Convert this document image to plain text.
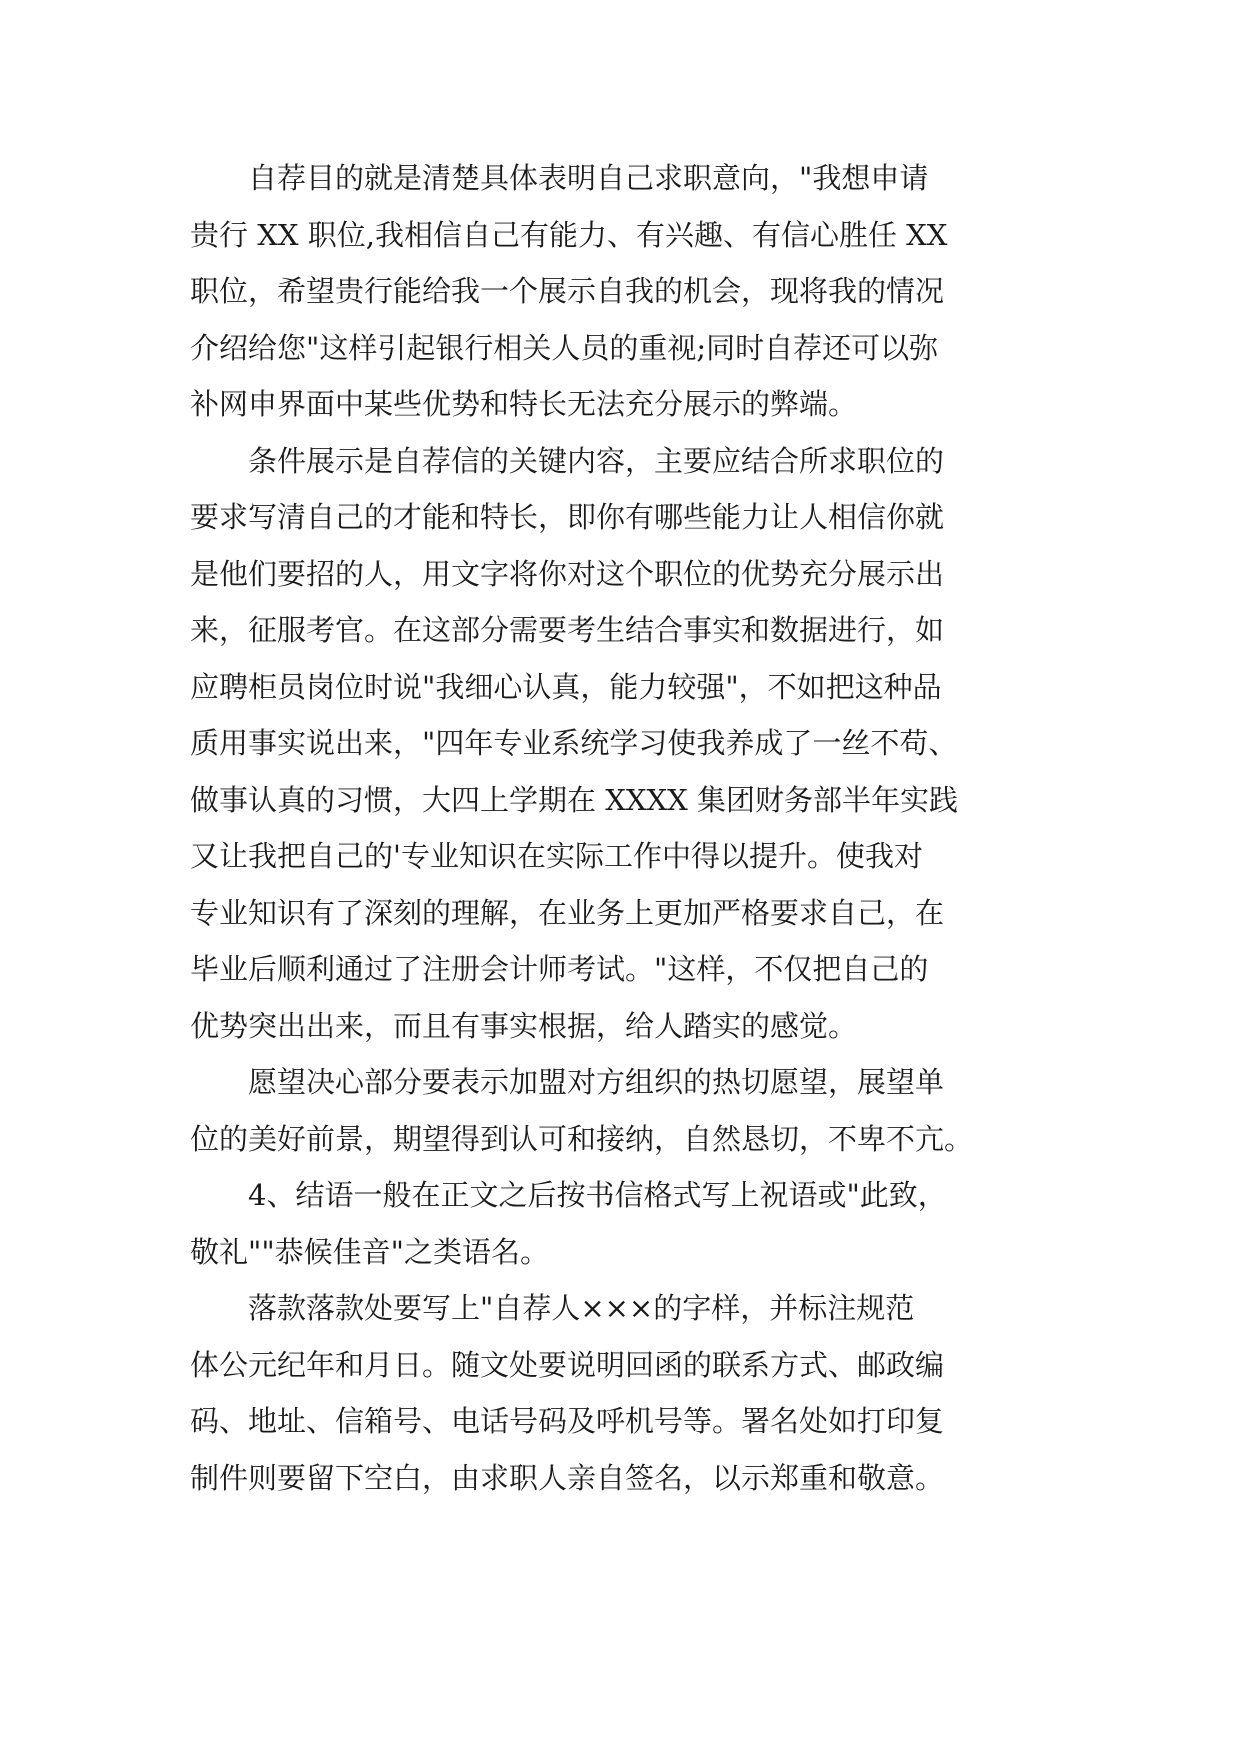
　　自荐目的就是清楚具体表明自己求职意向，"我想申请
贵行 XX 职位,我相信自己有能力、有兴趣、有信心胜任 XX
职位，希望贵行能给我一个展示自我的机会，现将我的情况
介绍给您"这样引起银行相关人员的重视;同时自荐还可以弥
补网申界面中某些优势和特长无法充分展示的弊端。
　　条件展示是自荐信的关键内容，主要应结合所求职位的
要求写清自己的才能和特长，即你有哪些能力让人相信你就
是他们要招的人，用文字将你对这个职位的优势充分展示出
来，征服考官。在这部分需要考生结合事实和数据进行，如
应聘柜员岗位时说"我细心认真，能力较强"，不如把这种品
质用事实说出来，"四年专业系统学习使我养成了一丝不苟、
做事认真的习惯，大四上学期在 XXXX 集团财务部半年实践
又让我把自己的'专业知识在实际工作中得以提升。使我对
专业知识有了深刻的理解，在业务上更加严格要求自己，在
毕业后顺利通过了注册会计师考试。"这样，不仅把自己的
优势突出出来，而且有事实根据，给人踏实的感觉。
　　愿望决心部分要表示加盟对方组织的热切愿望，展望单
位的美好前景，期望得到认可和接纳，自然恳切，不卑不亢。
　　4、结语一般在正文之后按书信格式写上祝语或"此致，
敬礼""恭候佳音"之类语名。
　　落款落款处要写上"自荐人×××的字样，并标注规范
体公元纪年和月日。随文处要说明回函的联系方式、邮政编
码、地址、信箱号、电话号码及呼机号等。署名处如打印复
制件则要留下空白，由求职人亲自签名，以示郑重和敬意。
